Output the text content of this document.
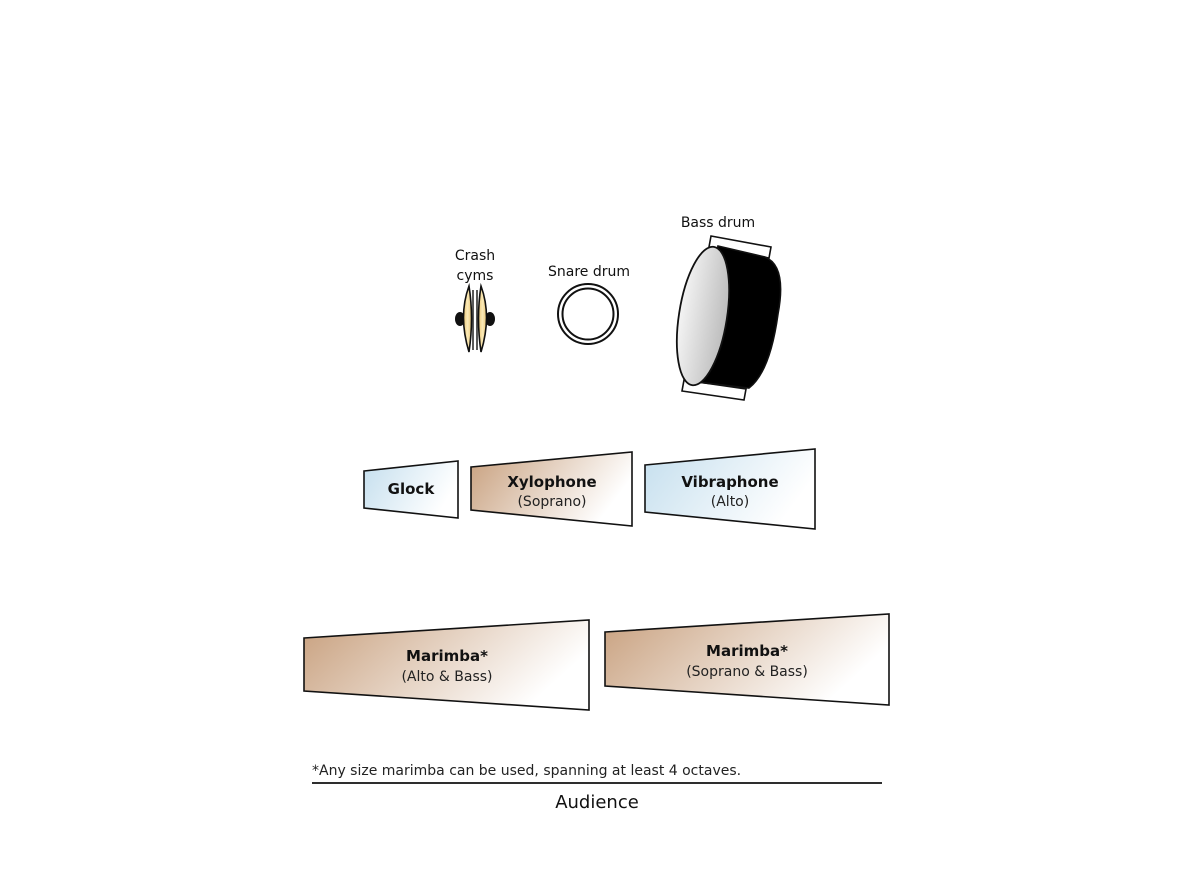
Crash
cyms	Snare drum
Bass drum
Glock	Xylophone
(Soprano)
Vibraphone
(Alto)
Marimba*
(Alto & Bass)
Marimba*
(Soprano & Bass)
*Any size marimba can be used, spanning at least 4 octaves.
Audience
